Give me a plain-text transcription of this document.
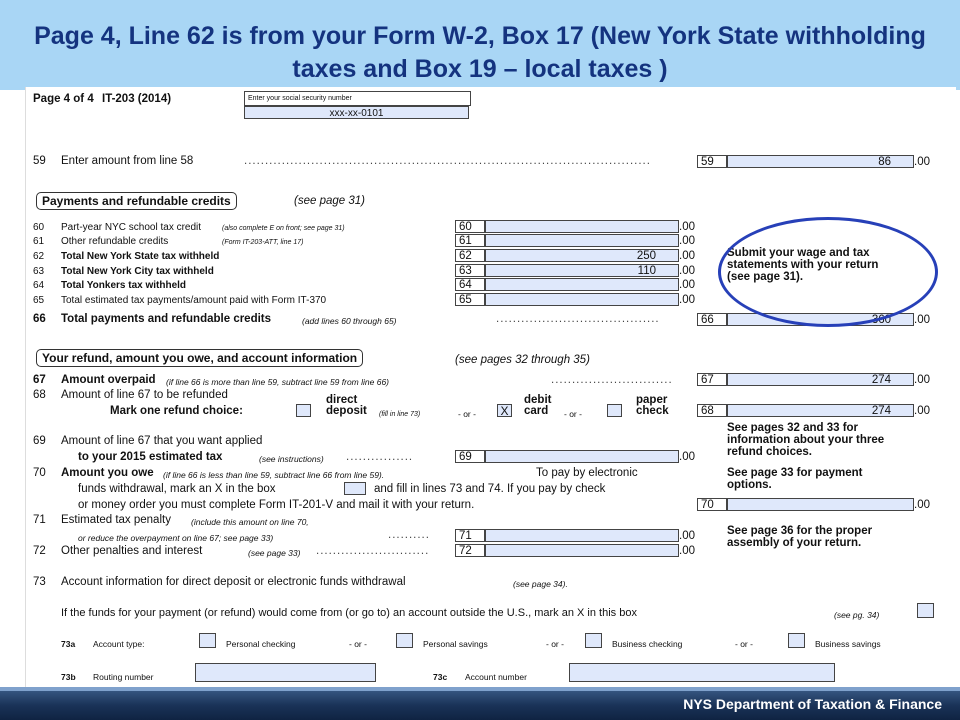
Page 4, Line 62 is from your Form W-2, Box 17 (New York State withholding taxes and Box 19 – local taxes )
Page 4 of 4 IT-203 (2014)	Enter your social security number
xxx-xx-0101
59 Enter amount from line 58	.................................................................................................	59	86	.00
Payments and refundable credits	(see page 31)
60 Part-year NYC school tax credit	(also complete E on front; see page 31)	60	.00
61 Other refundable credits	(Form IT-203-ATT, line 17)	61	.00
62 Total New York State tax withheld	62	250	.00
63 Total New York City tax withheld	63	110	.00
64 Total Yonkers tax withheld	64	.00
65 Total estimated tax payments/amount paid with Form IT-370	65	.00
66 Total payments and refundable credits	(add lines 60 through 65)	.......................................	66	360	.00
Submit your wage and tax
statements with your return
(see page 31).
Your refund, amount you owe, and account information	(see pages 32 through 35)
67 Amount overpaid (if line 66 is more than line 59, subtract line 59 from line 66)	.............................	67	274	.00
68 Amount of line 67 to be refunded
Mark one refund choice:
direct
deposit (fill in line 73)	- or - X
debit
card - or -
paper
check	68	274	.00
See pages 32 and 33 for
information about your three
refund choices.
69 Amount of line 67 that you want applied
to your 2015 estimated tax	(see instructions) ................	69	.00
70 Amount you owe (if line 66 is less than line 59, subtract line 66 from line 59).	To pay by electronic
funds withdrawal, mark an X in the box	and fill in lines 73 and 74. If you pay by check
or money order you must complete Form IT-201-V and mail it with your return.	70	.00
See page 33 for payment
options.
71 Estimated tax penalty (include this amount on line 70,
or reduce the overpayment on line 67; see page 33)	..........	71	.00
72 Other penalties and interest	(see page 33) ...........................	72	.00
See page 36 for the proper
assembly of your return.
73 Account information for direct deposit or electronic funds withdrawal	(see page 34).
If the funds for your payment (or refund) would come from (or go to) an account outside the U.S., mark an X in this box	(see pg. 34)
73a Account type:	Personal checking	- or -	Personal savings	- or -	Business checking	- or -	Business savings
73b Routing number	73c Account number
NYS Department of Taxation & Finance
